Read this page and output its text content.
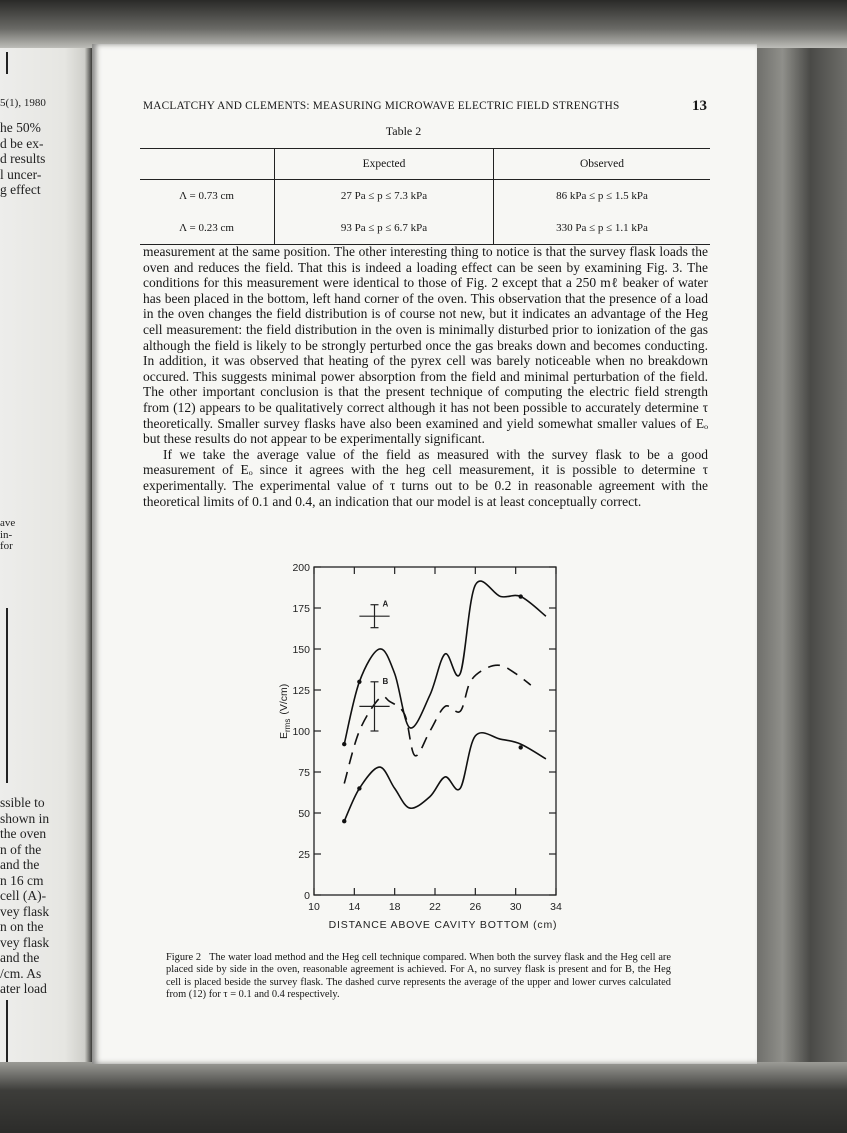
5(1), 1980
he 50%
d be ex-
d results
l uncer-
g effect
ave
in-
for
ssible to
shown in
the oven
n of the
and the
n 16 cm
cell (A)-
vey flask
n on the
vey flask
and the
/cm. As
ater load
MACLATCHY AND CLEMENTS: MEASURING MICROWAVE ELECTRIC FIELD STRENGTHS	13
Table 2
	Expected	Observed
Λ = 0.73 cm	27 Pa ≤ p ≤ 7.3 kPa	86 kPa ≤ p ≤ 1.5 kPa
Λ = 0.23 cm	93 Pa ≤ p ≤ 6.7 kPa	330 Pa ≤ p ≤ 1.1 kPa

measurement at the same position. The other interesting thing to notice is that the survey flask loads the oven and reduces the field. That this is indeed a loading effect can be seen by examining Fig. 3. The conditions for this measurement were identical to those of Fig. 2 except that a 250 mℓ beaker of water has been placed in the bottom, left hand corner of the oven. This observation that the presence of a load in the oven changes the field distribution is of course not new, but it indicates an advantage of the Heg cell measurement: the field distribution in the oven is minimally disturbed prior to ionization of the gas although the field is likely to be strongly perturbed once the gas breaks down and becomes conducting. In addition, it was observed that heating of the pyrex cell was barely noticeable when no breakdown occured. This suggests minimal power absorption from the field and minimal perturbation of the field. The other important conclusion is that the present technique of computing the electric field strength from (12) appears to be qualitatively correct although it has not been possible to accurately determine τ theoretically. Smaller survey flasks have also been examined and yield somewhat smaller values of Eₒ but these results do not appear to be experimentally significant.

If we take the average value of the field as measured with the survey flask to be a good measurement of Eₒ since it agrees with the heg cell measurement, it is possible to determine τ experimentally. The experimental value of τ turns out to be 0.2 in reasonable agreement with the theoretical limits of 0.1 and 0.4, an indication that our model is at least conceptually correct.

0
25
50
75
100
125
150
175
200
10	14	18	22	26	30	34
DISTANCE ABOVE CAVITY BOTTOM (cm)
$E_{rms}(V/cm)$
A
B
Figure 2 The water load method and the Heg cell technique compared. When both the survey flask and the Heg cell are placed side by side in the oven, reasonable agreement is achieved. For A, no survey flask is present and for B, the Heg cell is placed beside the survey flask. The dashed curve represents the average of the upper and lower curves calculated from (12) for τ = 0.1 and 0.4 respectively.
